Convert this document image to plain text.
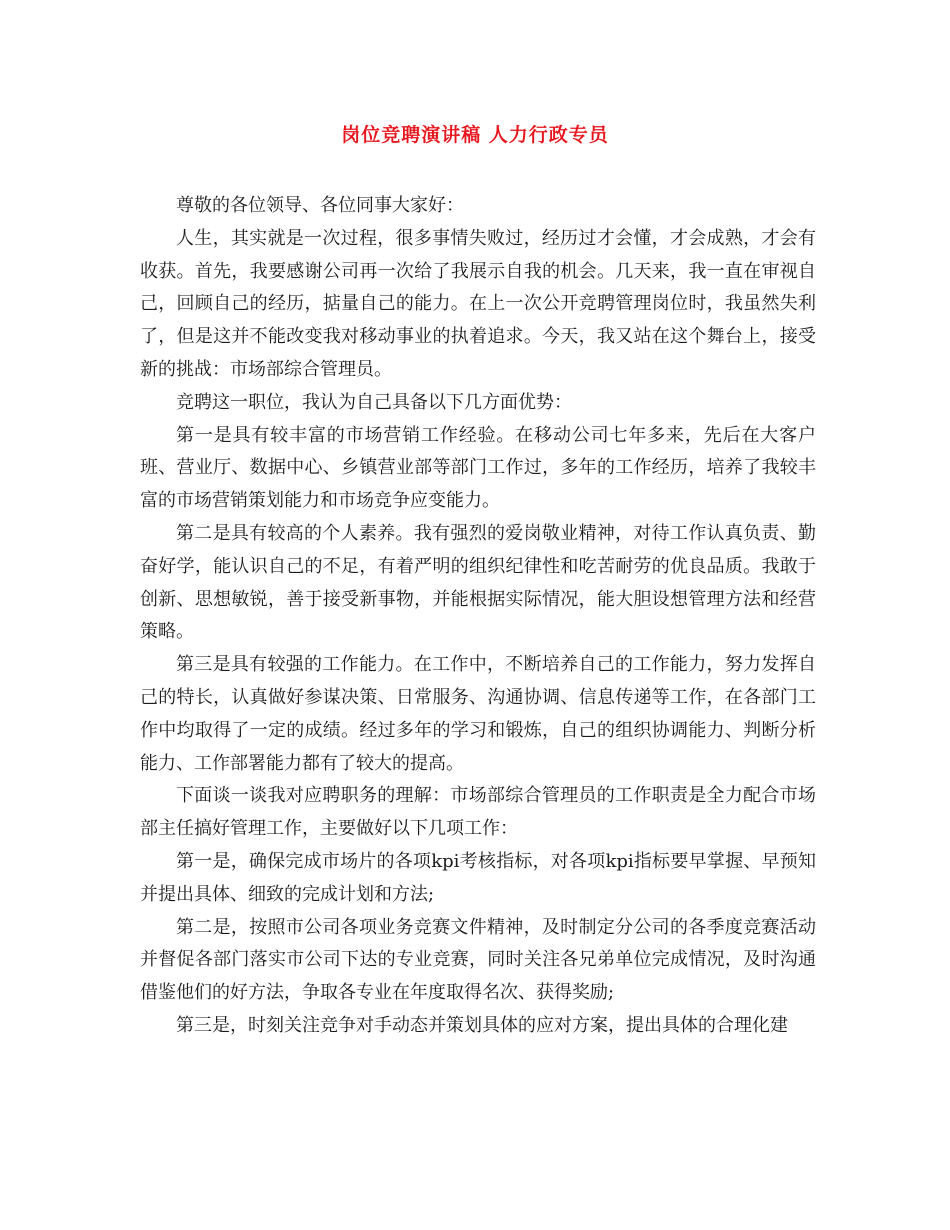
岗位竞聘演讲稿 人力行政专员

尊敬的各位领导、各位同事大家好：

人生，其实就是一次过程，很多事情失败过，经历过才会懂，才会成熟，才会有收获。首先，我要感谢公司再一次给了我展示自我的机会。几天来，我一直在审视自己，回顾自己的经历，掂量自己的能力。在上一次公开竞聘管理岗位时，我虽然失利了，但是这并不能改变我对移动事业的执着追求。今天，我又站在这个舞台上，接受新的挑战：市场部综合管理员。

竞聘这一职位，我认为自己具备以下几方面优势：

第一是具有较丰富的市场营销工作经验。在移动公司七年多来，先后在大客户班、营业厅、数据中心、乡镇营业部等部门工作过，多年的工作经历，培养了我较丰富的市场营销策划能力和市场竞争应变能力。

第二是具有较高的个人素养。我有强烈的爱岗敬业精神，对待工作认真负责、勤奋好学，能认识自己的不足，有着严明的组织纪律性和吃苦耐劳的优良品质。我敢于创新、思想敏锐，善于接受新事物，并能根据实际情况，能大胆设想管理方法和经营策略。

第三是具有较强的工作能力。在工作中，不断培养自己的工作能力，努力发挥自己的特长，认真做好参谋决策、日常服务、沟通协调、信息传递等工作，在各部门工作中均取得了一定的成绩。经过多年的学习和锻炼，自己的组织协调能力、判断分析能力、工作部署能力都有了较大的提高。

下面谈一谈我对应聘职务的理解：市场部综合管理员的工作职责是全力配合市场部主任搞好管理工作，主要做好以下几项工作：

第一是，确保完成市场片的各项kpi考核指标，对各项kpi指标要早掌握、早预知并提出具体、细致的完成计划和方法;

第二是，按照市公司各项业务竞赛文件精神，及时制定分公司的各季度竞赛活动并督促各部门落实市公司下达的专业竞赛，同时关注各兄弟单位完成情况，及时沟通借鉴他们的好方法，争取各专业在年度取得名次、获得奖励;

第三是，时刻关注竞争对手动态并策划具体的应对方案，提出具体的合理化建
